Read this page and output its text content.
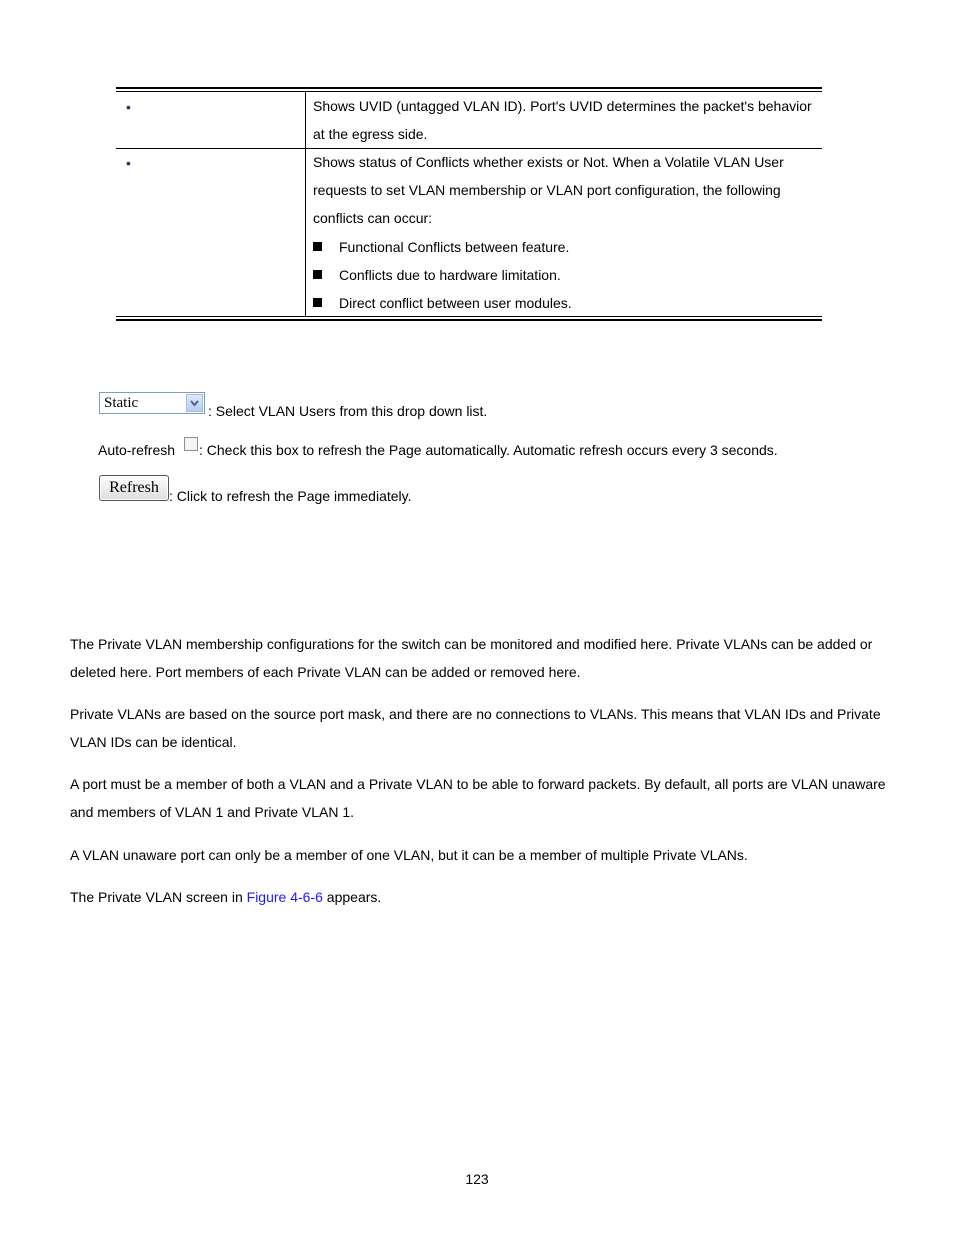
•	Shows UVID (untagged VLAN ID). Port's UVID determines the packet's behavior at the egress side.
•	Shows status of Conflicts whether exists or Not. When a Volatile VLAN User requests to set VLAN membership or VLAN port configuration, the following conflicts can occur:
Functional Conflicts between feature.
Conflicts due to hardware limitation.
Direct conflict between user modules.
Static	: Select VLAN Users from this drop down list.
Auto-refresh : Check this box to refresh the Page automatically. Automatic refresh occurs every 3 seconds.
Refresh : Click to refresh the Page immediately.
The Private VLAN membership configurations for the switch can be monitored and modified here. Private VLANs can be added or deleted here. Port members of each Private VLAN can be added or removed here.
Private VLANs are based on the source port mask, and there are no connections to VLANs. This means that VLAN IDs and Private VLAN IDs can be identical.
A port must be a member of both a VLAN and a Private VLAN to be able to forward packets. By default, all ports are VLAN unaware and members of VLAN 1 and Private VLAN 1.
A VLAN unaware port can only be a member of one VLAN, but it can be a member of multiple Private VLANs.
The Private VLAN screen in Figure 4-6-6 appears.
123
